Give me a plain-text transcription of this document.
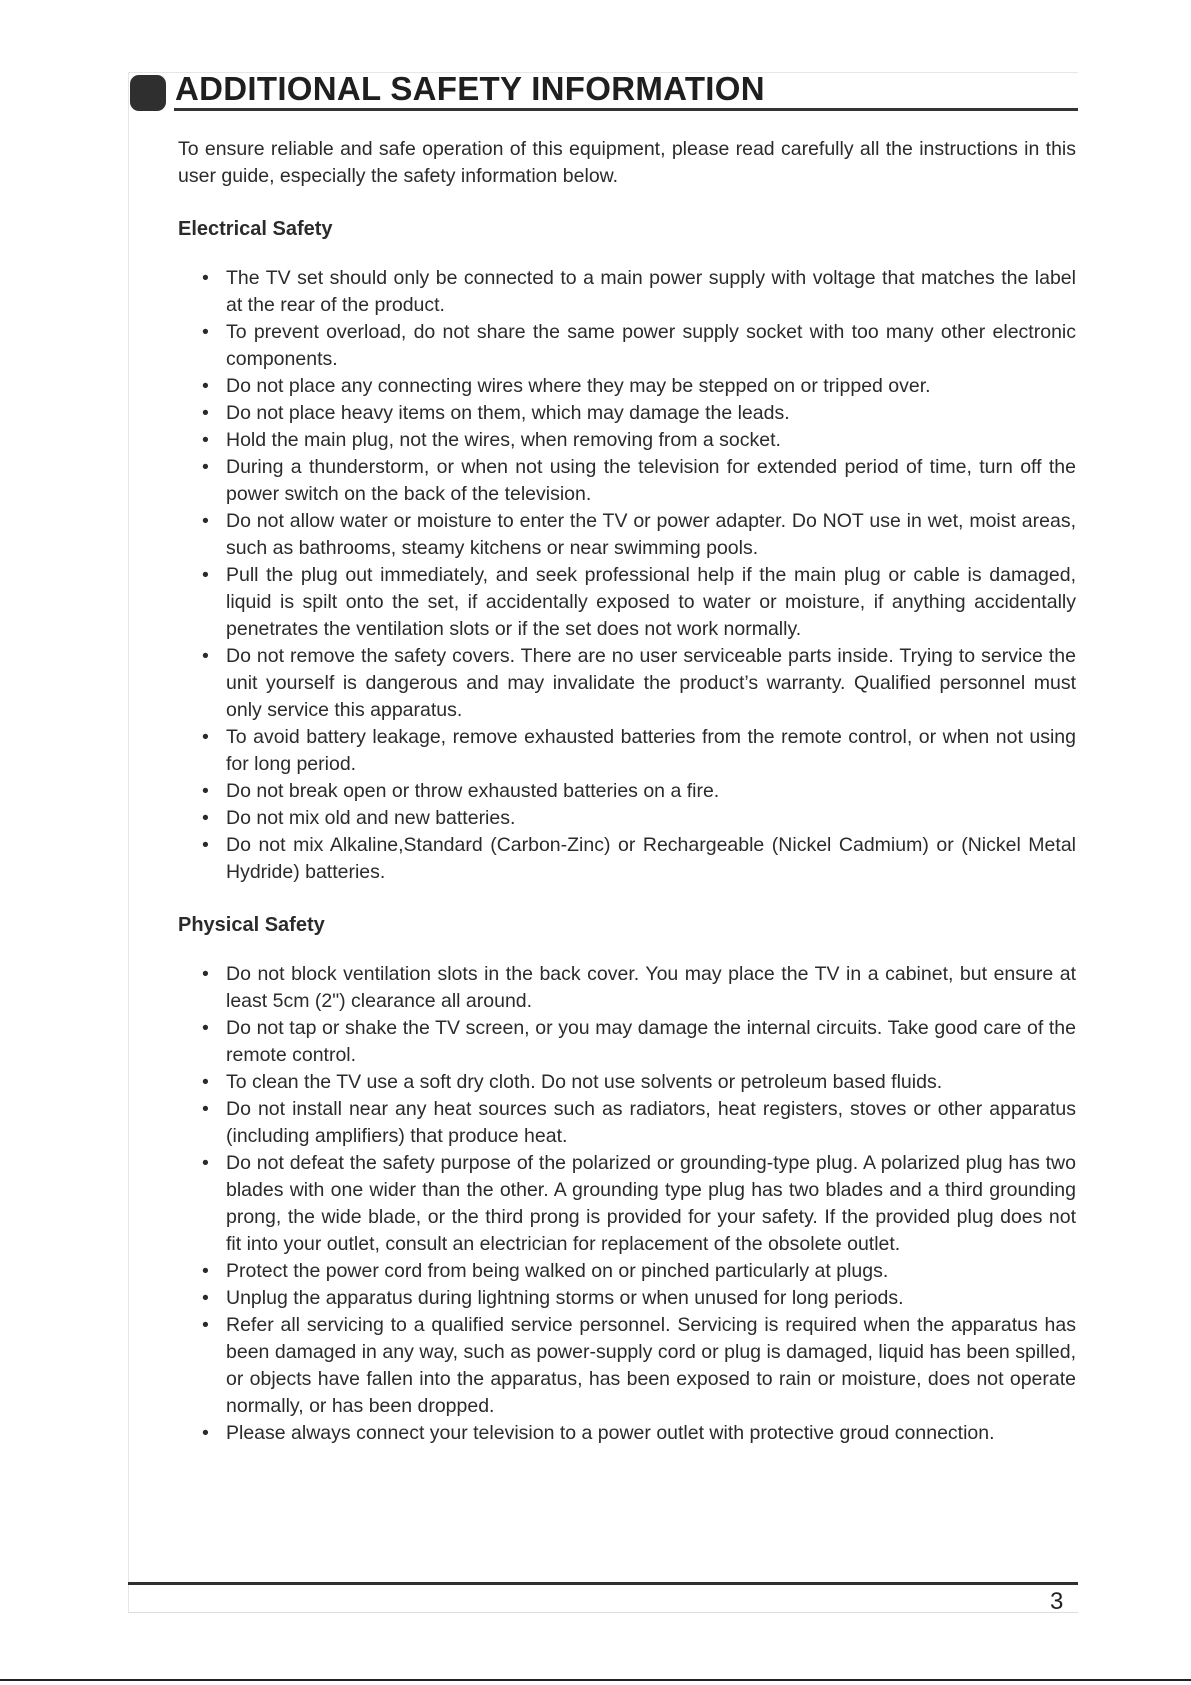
ADDITIONAL SAFETY INFORMATION

To ensure reliable and safe operation of this equipment, please read carefully all the instructions in this user guide, especially the safety information below.

Electrical Safety
• The TV set should only be connected to a main power supply with voltage that matches the label at the rear of the product.
• To prevent overload, do not share the same power supply socket with too many other electronic components.
• Do not place any connecting wires where they may be stepped on or tripped over.
• Do not place heavy items on them, which may damage the leads.
• Hold the main plug, not the wires, when removing from a socket.
• During a thunderstorm, or when not using the television for extended period of time, turn off the power switch on the back of the television.
• Do not allow water or moisture to enter the TV or power adapter. Do NOT use in wet, moist areas, such as bathrooms, steamy kitchens or near swimming pools.
• Pull the plug out immediately, and seek professional help if the main plug or cable is damaged, liquid is spilt onto the set, if accidentally exposed to water or moisture, if anything accidentally penetrates the ventilation slots or if the set does not work normally.
• Do not remove the safety covers. There are no user serviceable parts inside. Trying to service the unit yourself is dangerous and may invalidate the product’s warranty. Qualified personnel must only service this apparatus.
• To avoid battery leakage, remove exhausted batteries from the remote control, or when not using for long period.
• Do not break open or throw exhausted batteries on a fire.
• Do not mix old and new batteries.
• Do not mix Alkaline,Standard (Carbon-Zinc) or Rechargeable (Nickel Cadmium) or (Nickel Metal Hydride) batteries.
Physical Safety
• Do not block ventilation slots in the back cover. You may place the TV in a cabinet, but ensure at least 5cm (2") clearance all around.
• Do not tap or shake the TV screen, or you may damage the internal circuits. Take good care of the remote control.
• To clean the TV use a soft dry cloth. Do not use solvents or petroleum based fluids.
• Do not install near any heat sources such as radiators, heat registers, stoves or other apparatus (including amplifiers) that produce heat.
• Do not defeat the safety purpose of the polarized or grounding-type plug. A polarized plug has two blades with one wider than the other. A grounding type plug has two blades and a third grounding prong, the wide blade, or the third prong is provided for your safety. If the provided plug does not fit into your outlet, consult an electrician for replacement of the obsolete outlet.
• Protect the power cord from being walked on or pinched particularly at plugs.
• Unplug the apparatus during lightning storms or when unused for long periods.
• Refer all servicing to a qualified service personnel. Servicing is required when the apparatus has been damaged in any way, such as power-supply cord or plug is damaged, liquid has been spilled, or objects have fallen into the apparatus, has been exposed to rain or moisture, does not operate normally, or has been dropped.
• Please always connect your television to a power outlet with protective groud connection.
3
